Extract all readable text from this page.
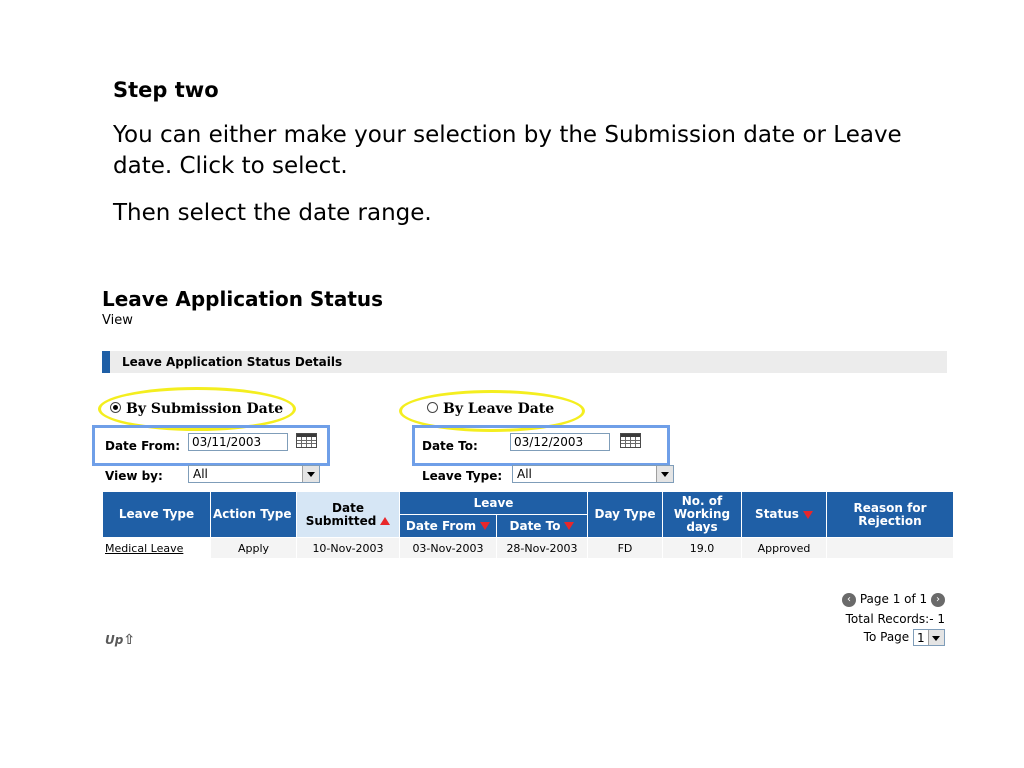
Step two
You can either make your selection by the Submission date or Leave date. Click to select.
Then select the date range.
Leave Application Status
View
Leave Application Status Details
By Submission Date	By Leave Date
Date From: 03/11/2003	Date To:	03/12/2003
View by:	All	Leave Type: All
Leave Type	Action Type	Date Submitted	Leave		Day Type	No. of Working days	Status	Reason for Rejection
			Date From	Date To				
Medical Leave	Apply	10-Nov-2003	03-Nov-2003	28-Nov-2003	FD	19.0	Approved	
‹ Page 1 of 1 ›
Total Records:- 1
To Page 1
Up⇧
